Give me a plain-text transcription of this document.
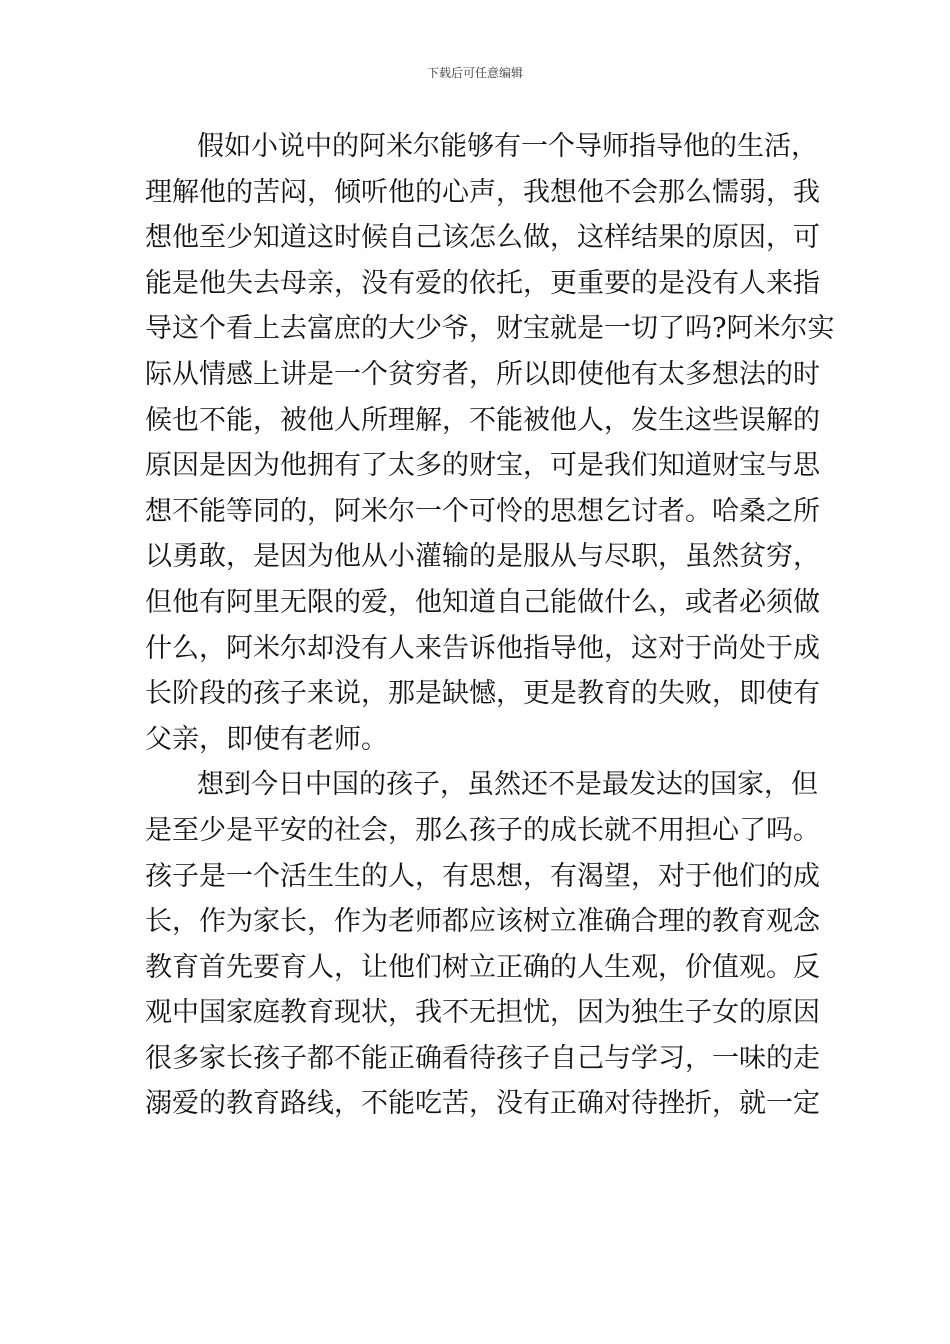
下载后可任意编辑
假如小说中的阿米尔能够有一个导师指导他的生活，
理解他的苦闷，倾听他的心声，我想他不会那么懦弱，我
想他至少知道这时候自己该怎么做，这样结果的原因，可
能是他失去母亲，没有爱的依托，更重要的是没有人来指
导这个看上去富庶的大少爷，财宝就是一切了吗?阿米尔实
际从情感上讲是一个贫穷者，所以即使他有太多想法的时
候也不能，被他人所理解，不能被他人，发生这些误解的
原因是因为他拥有了太多的财宝，可是我们知道财宝与思
想不能等同的，阿米尔一个可怜的思想乞讨者。哈桑之所
以勇敢，是因为他从小灌输的是服从与尽职，虽然贫穷，
但他有阿里无限的爱，他知道自己能做什么，或者必须做
什么，阿米尔却没有人来告诉他指导他，这对于尚处于成
长阶段的孩子来说，那是缺憾，更是教育的失败，即使有
父亲，即使有老师。
想到今日中国的孩子，虽然还不是最发达的国家，但
是至少是平安的社会，那么孩子的成长就不用担心了吗。
孩子是一个活生生的人，有思想，有渴望，对于他们的成
长，作为家长，作为老师都应该树立准确合理的教育观念
教育首先要育人，让他们树立正确的人生观，价值观。反
观中国家庭教育现状，我不无担忧，因为独生子女的原因
很多家长孩子都不能正确看待孩子自己与学习，一味的走
溺爱的教育路线，不能吃苦，没有正确对待挫折，就一定
